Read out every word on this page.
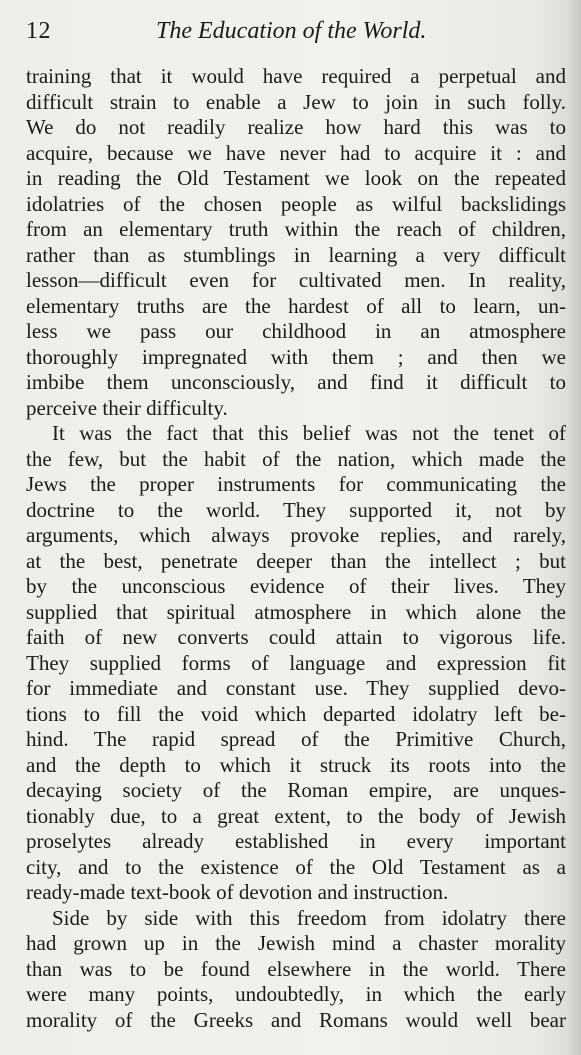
12	The Education of the World.
training that it would have required a perpetual and
difficult strain to enable a Jew to join in such folly.
We do not readily realize how hard this was to
acquire, because we have never had to acquire it : and
in reading the Old Testament we look on the repeated
idolatries of the chosen people as wilful backslidings
from an elementary truth within the reach of children,
rather than as stumblings in learning a very difficult
lesson—difficult even for cultivated men. In reality,
elementary truths are the hardest of all to learn, un-
less we pass our childhood in an atmosphere
thoroughly impregnated with them ; and then we
imbibe them unconsciously, and find it difficult to
perceive their difficulty.
It was the fact that this belief was not the tenet of
the few, but the habit of the nation, which made the
Jews the proper instruments for communicating the
doctrine to the world. They supported it, not by
arguments, which always provoke replies, and rarely,
at the best, penetrate deeper than the intellect ; but
by the unconscious evidence of their lives. They
supplied that spiritual atmosphere in which alone the
faith of new converts could attain to vigorous life.
They supplied forms of language and expression fit
for immediate and constant use. They supplied devo-
tions to fill the void which departed idolatry left be-
hind. The rapid spread of the Primitive Church,
and the depth to which it struck its roots into the
decaying society of the Roman empire, are unques-
tionably due, to a great extent, to the body of Jewish
proselytes already established in every important
city, and to the existence of the Old Testament as a
ready-made text-book of devotion and instruction.
Side by side with this freedom from idolatry there
had grown up in the Jewish mind a chaster morality
than was to be found elsewhere in the world. There
were many points, undoubtedly, in which the early
morality of the Greeks and Romans would well bear
